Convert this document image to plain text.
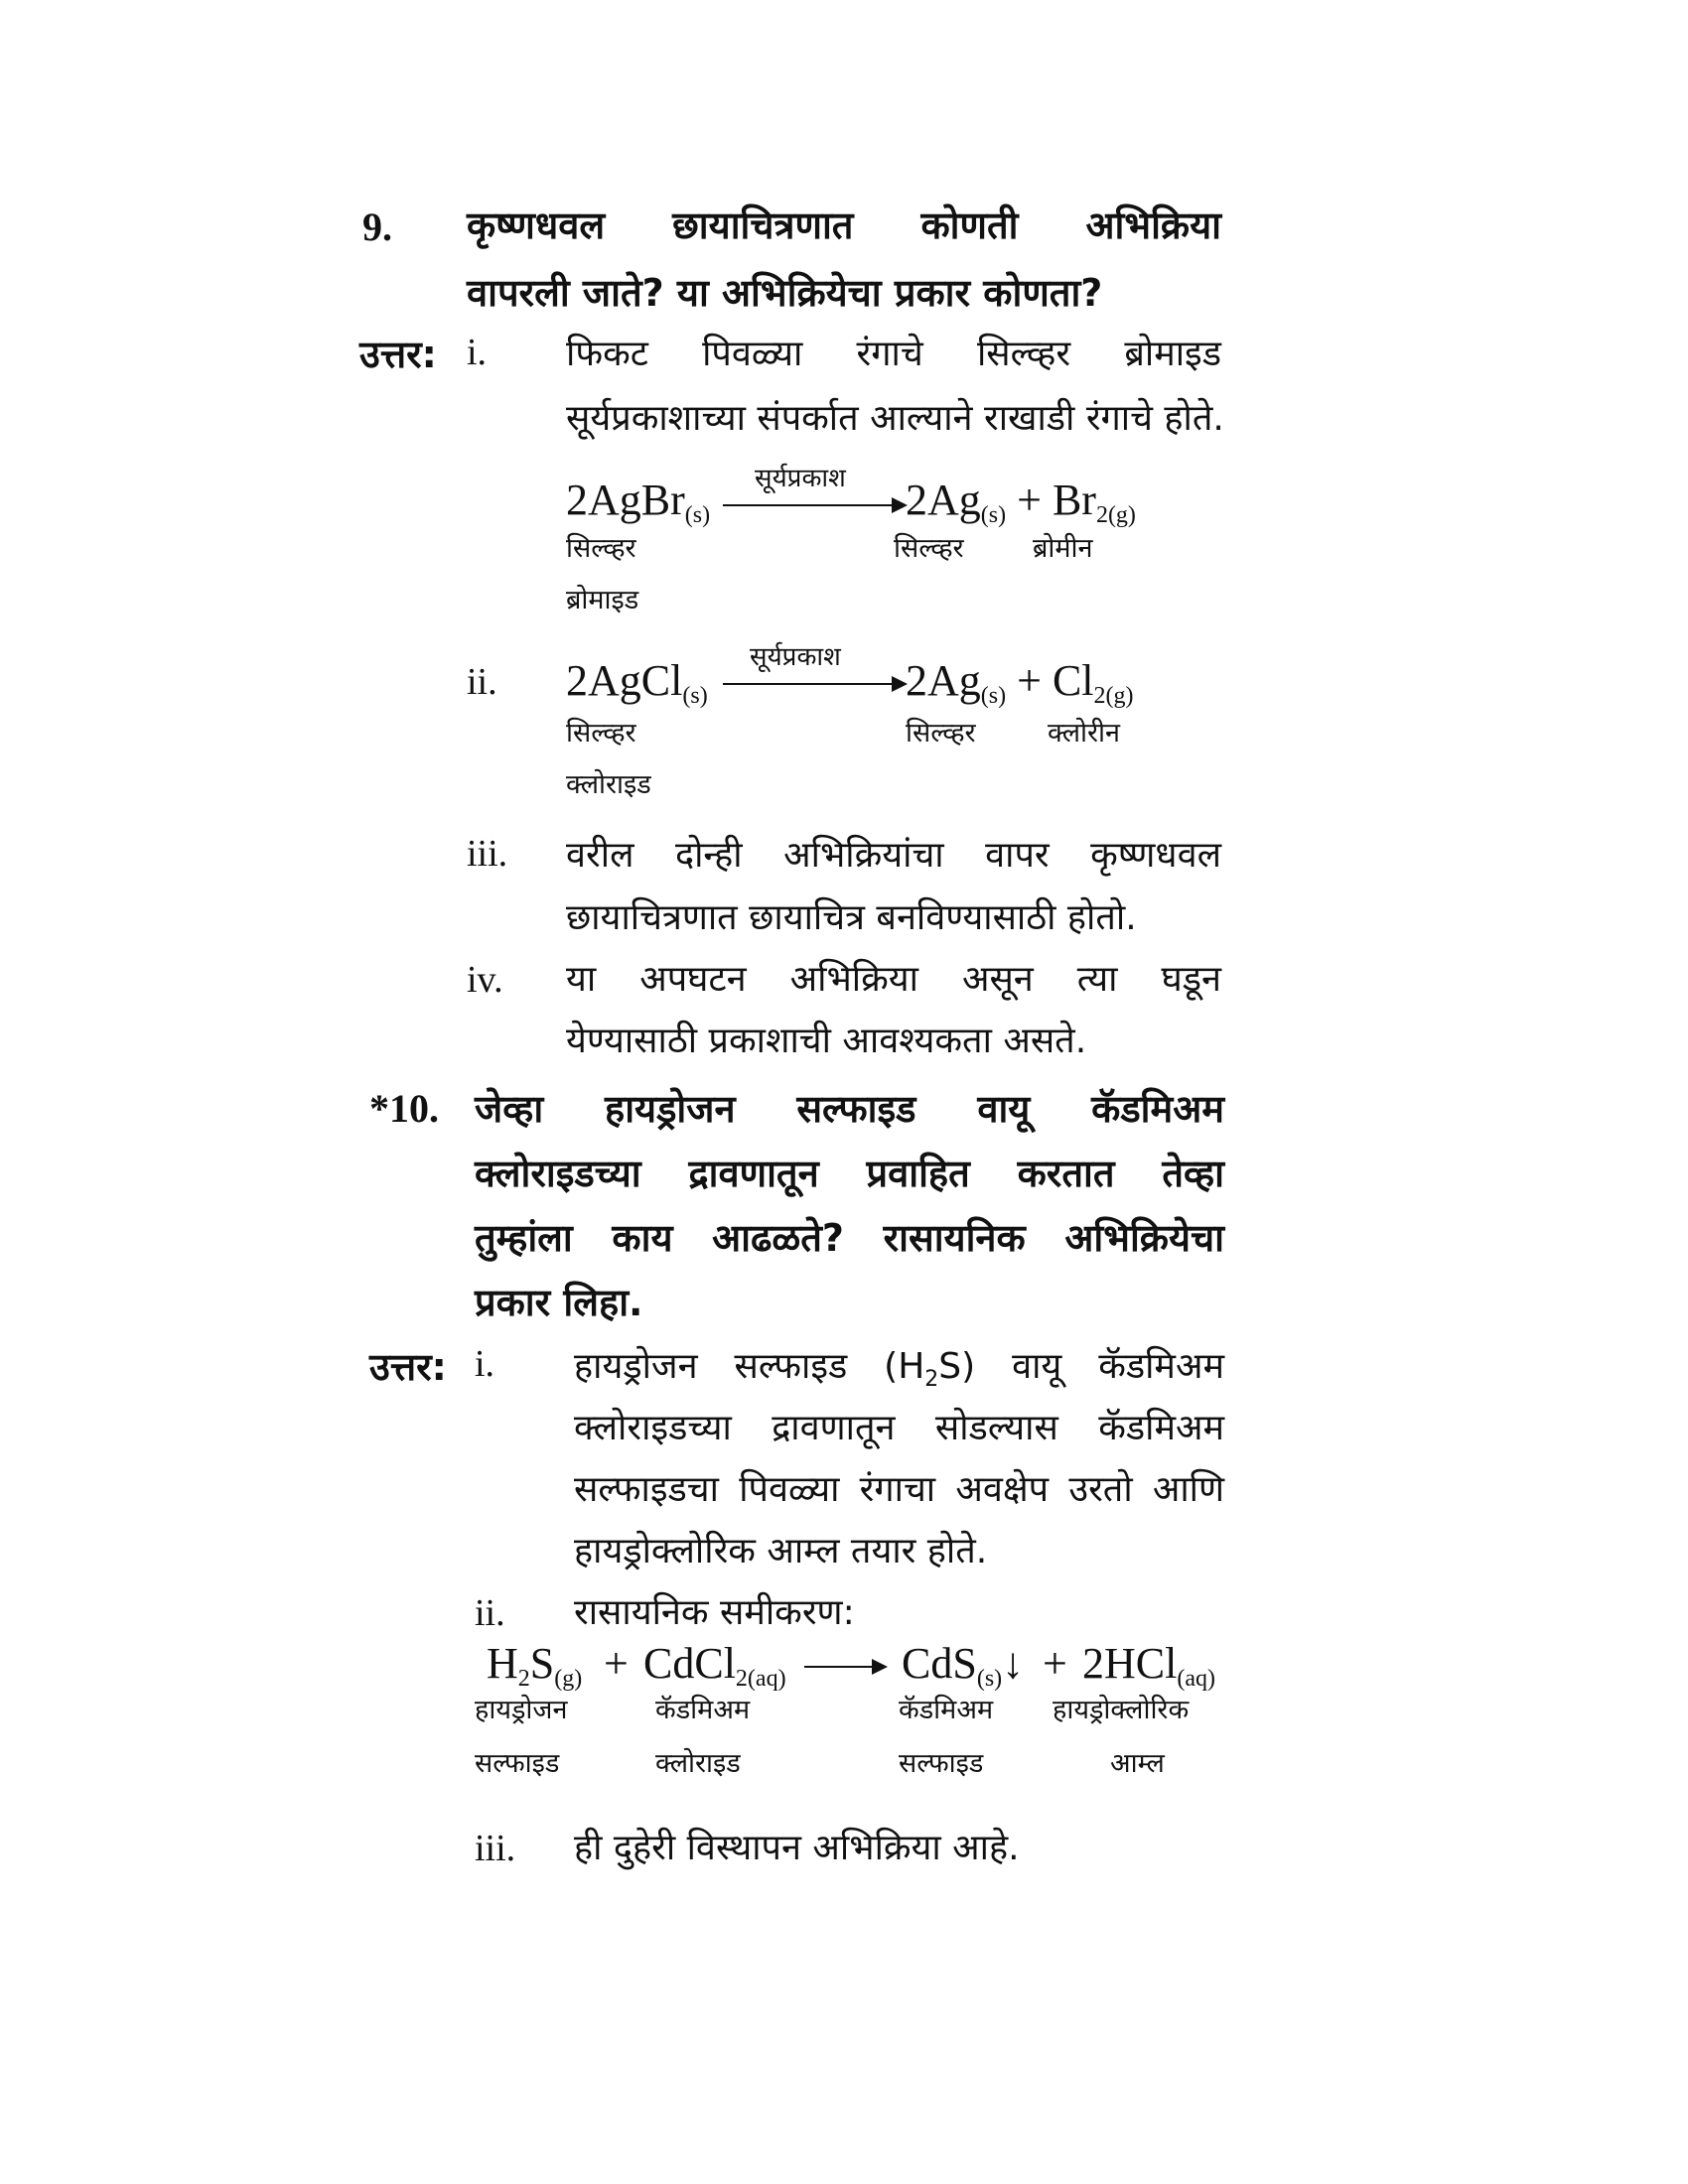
9. कृष्णधवल छायाचित्रणात कोणती अभिक्रिया
वापरली जाते? या अभिक्रियेचा प्रकार कोणता?
उत्तर: i. फिकट पिवळ्या रंगाचे सिल्व्हर ब्रोमाइड
सूर्यप्रकाशाच्या संपर्कात आल्याने राखाडी रंगाचे होते.
2AgBr$_{(s)}$
सूर्यप्रकाश $2Ag_{(s)} + Br_{2(g)}$
सिल्व्हर
ब्रोमाइड
सिल्व्हर	ब्रोमीन
ii. 2AgCl$_{(s)}$
सूर्यप्रकाश $2Ag_{(s)} + Cl_{2(g)}$
सिल्व्हर
क्लोराइड
सिल्व्हर	क्लोरीन
iii. वरील दोन्ही अभिक्रियांचा वापर कृष्णधवल
छायाचित्रणात छायाचित्र बनविण्यासाठी होतो.
iv. या अपघटन अभिक्रिया असून त्या घडून
येण्यासाठी प्रकाशाची आवश्यकता असते.
*10. जेव्हा हायड्रोजन सल्फाइड वायू कॅडमिअम
क्लोराइडच्या द्रावणातून प्रवाहित करतात तेव्हा
तुम्हांला काय आढळते? रासायनिक अभिक्रियेचा
प्रकार लिहा.
उत्तर: i. हायड्रोजन सल्फाइड $(H_2S)$ वायू कॅडमिअम
क्लोराइडच्या द्रावणातून सोडल्यास कॅडमिअम
सल्फाइडचा पिवळ्या रंगाचा अवक्षेप उरतो आणि
हायड्रोक्लोरिक आम्ल तयार होते.
ii. रासायनिक समीकरण:
$H_2S_{(g)}$ + CdCl$_{2(aq)}$	CdS$_{(s)}$↓ + 2HCl$_{(aq)}$
हायड्रोजन
सल्फाइड
कॅडमिअम
क्लोराइड
कॅडमिअम
सल्फाइड
हायड्रोक्लोरिक
आम्ल
iii. ही दुहेरी विस्थापन अभिक्रिया आहे.
